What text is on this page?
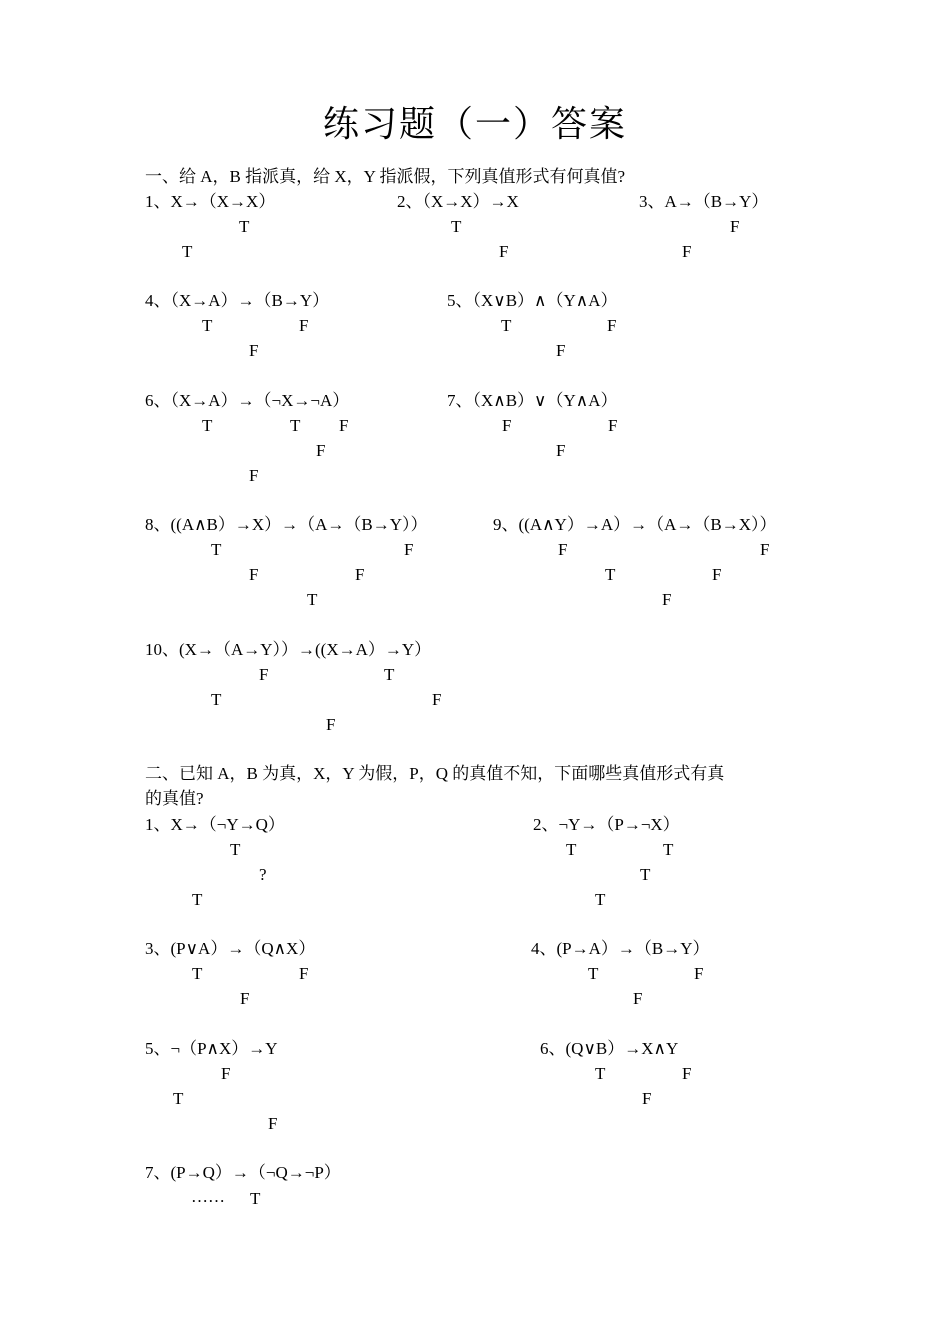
练习题（一）答案
一、给 A，B 指派真，给 X，Y 指派假，下列真值形式有何真值?
1、X→（X→X）
T
T
2、（X→X）→X
T
F
3、A→（B→Y）
F
F
4、（X→A）→（B→Y）
T	F
F
5、（X∨B）∧（Y∧A）
T	F
F
6、（X→A）→（¬X→¬A）
T	T F
F
F
7、（X∧B）∨（Y∧A）
F	F
F
8、((A∧B）→X）→（A→（B→Y））
T	F
F	F
T
9、((A∧Y）→A）→（A→（B→X））
F	F
T	F
F
10、(X→（A→Y））→((X→A）→Y）
F	T
T	F
F
二、已知 A，B 为真，X，Y 为假，P，Q 的真值不知，下面哪些真值形式有真
的真值?
1、X→（¬Y→Q）
T
?
T
2、¬Y→（P→¬X）
T	T
T
T
3、(P∨A）→（Q∧X）
T	F
F
4、(P→A）→（B→Y）
T	F
F
5、¬（P∧X）→Y
F
T
F
6、(Q∨B）→X∧Y
T	F
F
7、(P→Q）→（¬Q→¬P）
…… T
